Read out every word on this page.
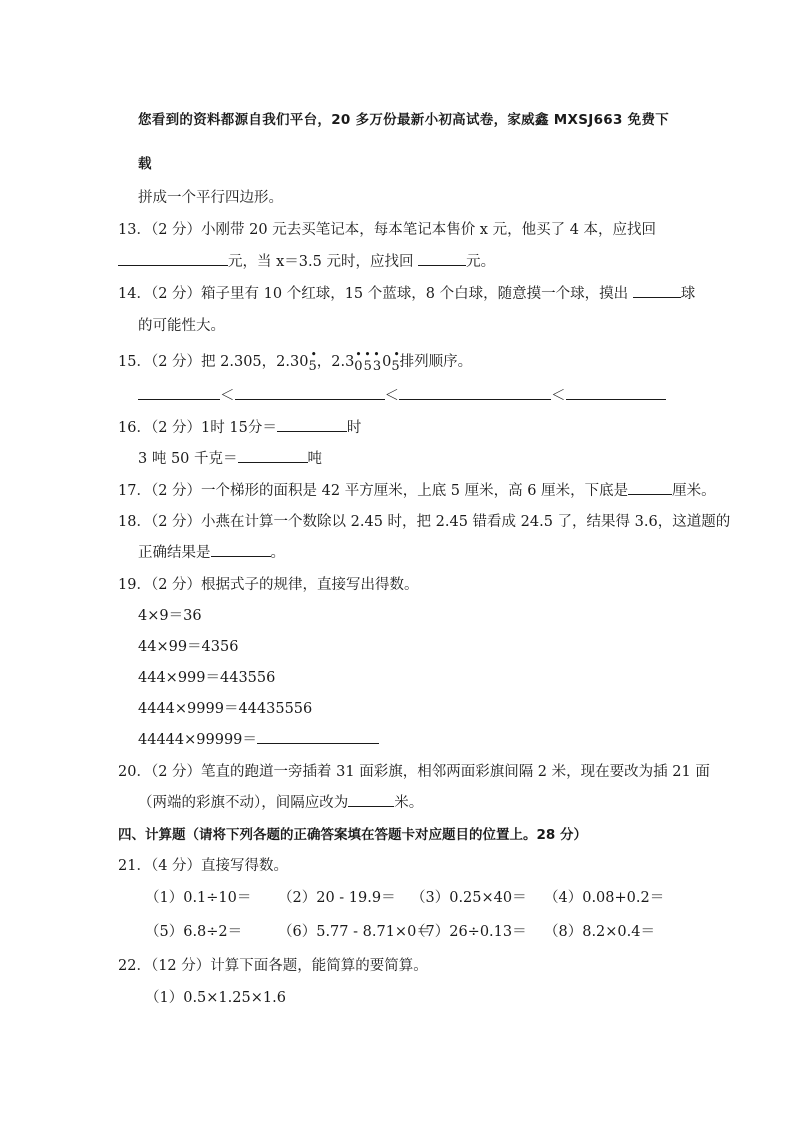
您看到的资料都源自我们平台，20 多万份最新小初高试卷，家威鑫 MXSJ663 免费下
载
拼成一个平行四边形。
13．（2 分）小刚带 20 元去买笔记本，每本笔记本售价 x 元，他买了 4 本，应找回
元，当 x＝3.5 元时，应找回	元。
14．（2 分）箱子里有 10 个红球，15 个蓝球，8 个白球，随意摸一个球，摸出	球
的可能性大。
15．（2 分）把 2.305，2.30 •
5，2.3 • • •
0530 •
5排列顺序。
＜	＜	＜
16．（2 分）1时 15分＝	时
3 吨 50 千克＝	吨
17．（2 分）一个梯形的面积是 42 平方厘米，上底 5 厘米，高 6 厘米，下底是	厘米。
18．（2 分）小燕在计算一个数除以 2.45 时，把 2.45 错看成 24.5 了，结果得 3.6，这道题的
正确结果是	。
19．（2 分）根据式子的规律，直接写出得数。
4×9＝36
44×99＝4356
444×999＝443556
4444×9999＝44435556
44444×99999＝
20．（2 分）笔直的跑道一旁插着 31 面彩旗，相邻两面彩旗间隔 2 米，现在要改为插 21 面
（两端的彩旗不动），间隔应改为	米。
四、计算题（请将下列各题的正确答案填在答题卡对应题目的位置上。28 分）
21．（4 分）直接写得数。
（1）0.1÷10＝ （2）20 - 19.9＝ （3）0.25×40＝ （4）0.08+0.2＝
（5）6.8÷2＝ （6）5.77 - 8.71×0＝（7）26÷0.13＝ （8）8.2×0.4＝
22．（12 分）计算下面各题，能简算的要简算。
（1）0.5×1.25×1.6
